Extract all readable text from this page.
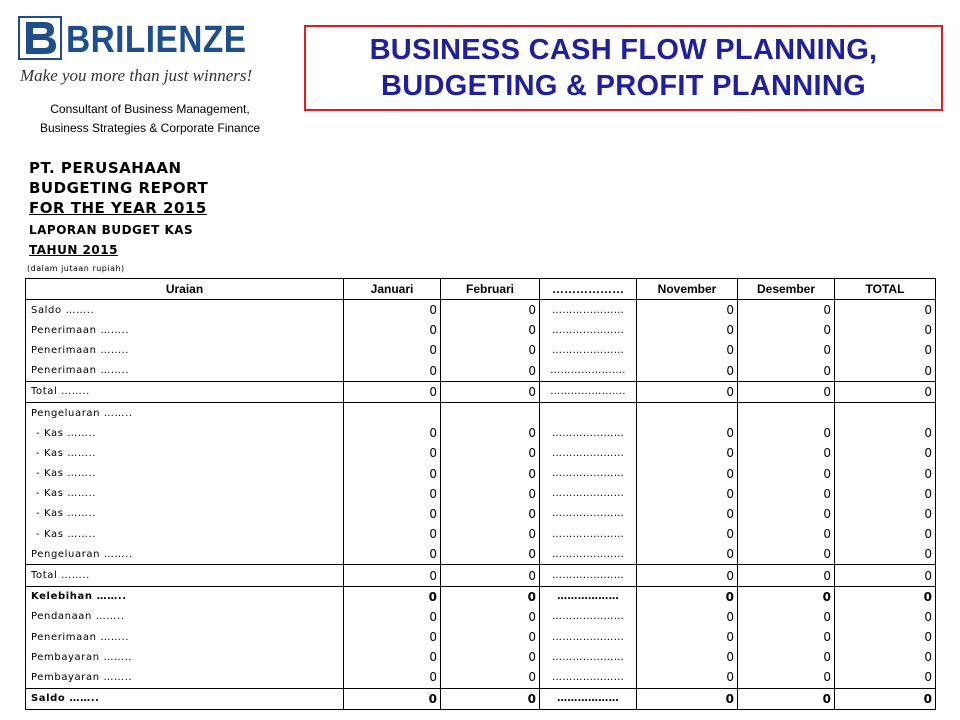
BRILIENZE
Make you more than just winners!
Consultant of Business Management,
Business Strategies & Corporate Finance
BUSINESS CASH FLOW PLANNING,
BUDGETING & PROFIT PLANNING
PT. PERUSAHAAN
BUDGETING REPORT
FOR THE YEAR 2015
LAPORAN BUDGET KAS
TAHUN 2015
(dalam jutaan rupiah)
Uraian	Januari	Februari	………………	November	Desember	TOTAL
Saldo ……..	0	0	…………………	0	0	0
Penerimaan ……..	0	0	…………………	0	0	0
Penerimaan ……..	0	0	…………………	0	0	0
Penerimaan ……..	0	0	………………….	0	0	0
Total ……..	0	0	………………….	0	0	0
Pengeluaran ……..						
- Kas ……..	0	0	…………………	0	0	0
- Kas ……..	0	0	…………………	0	0	0
- Kas ……..	0	0	…………………	0	0	0
- Kas ……..	0	0	…………………	0	0	0
- Kas ……..	0	0	…………………	0	0	0
- Kas ……..	0	0	…………………	0	0	0
Pengeluaran ……..	0	0	…………………	0	0	0
Total ……..	0	0	…………………	0	0	0
Kelebihan ……..	0	0	………………	0	0	0
Pendanaan ……..	0	0	…………………	0	0	0
Penerimaan ……..	0	0	…………………	0	0	0
Pembayaran ……..	0	0	…………………	0	0	0
Pembayaran ……..	0	0	…………………	0	0	0
Saldo ……..	0	0	………………	0	0	0
